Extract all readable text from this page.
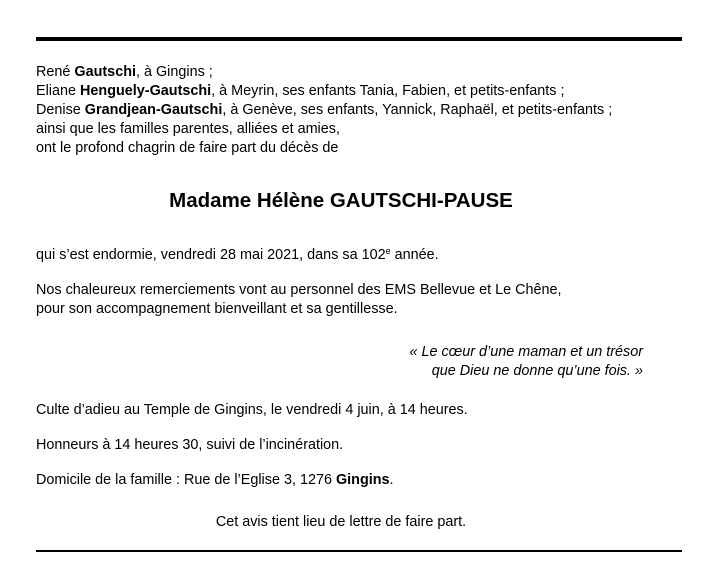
René Gautschi, à Gingins ;
Eliane Henguely-Gautschi, à Meyrin, ses enfants Tania, Fabien, et petits-enfants ;
Denise Grandjean-Gautschi, à Genève, ses enfants, Yannick, Raphaël, et petits-enfants ;
ainsi que les familles parentes, alliées et amies,
ont le profond chagrin de faire part du décès de
Madame Hélène GAUTSCHI-PAUSE
qui s’est endormie, vendredi 28 mai 2021, dans sa 102e année.
Nos chaleureux remerciements vont au personnel des EMS Bellevue et Le Chêne,
pour son accompagnement bienveillant et sa gentillesse.
« Le cœur d’une maman et un trésor
que Dieu ne donne qu’une fois. »
Culte d’adieu au Temple de Gingins, le vendredi 4 juin, à 14 heures.
Honneurs à 14 heures 30, suivi de l’incinération.
Domicile de la famille : Rue de l’Eglise 3, 1276 Gingins.
Cet avis tient lieu de lettre de faire part.
